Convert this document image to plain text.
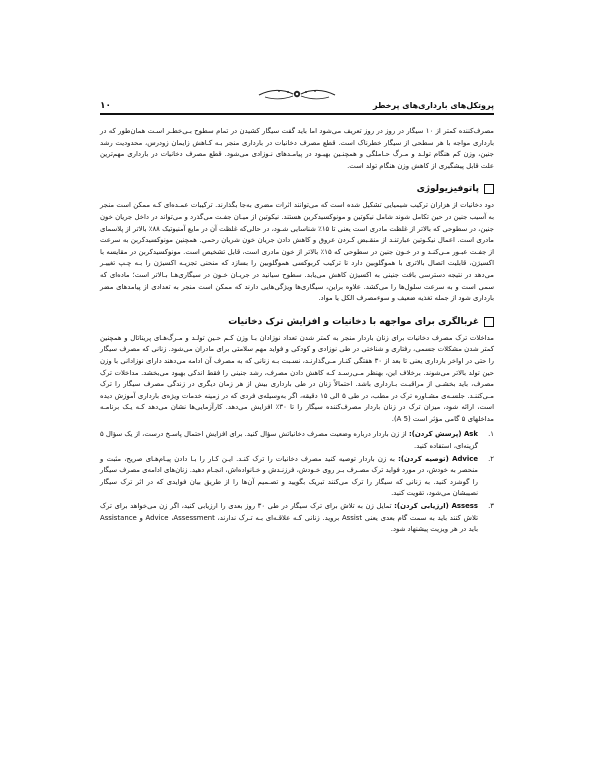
پروتکل‌های بارداری‌های پرخطر
۱۰

مصرف‌کننده کمتر از ۱۰ سیگار در روز در روز تعریف می‌شود اما باید گفت سیگار کشیدن در تمام سطوح بـی‌خطـر اسـت همان‌طور که در بارداری مواجه با هر سطحی از سیگار خطرناک است. قطع مصرف دخانیات در بارداری منجر بـه کـاهش زایمان زودرس، محدودیت رشد جنین، وزن کم هنگام تولـد و مـرگ حـاملگی و همچنـین بهبـود در پیامـدهای نـوزادی می‌شود. قطع مصرف دخانیات در بارداری مهم‌ترین علت قابل پیشگیری از کاهش وزن هنگام تولد است.

پاتوفیزیولوژی

دود دخانیات از هزاران ترکیب شیمیایی تشکیل شده است که می‌توانند اثرات مضری به‌جا بگذارند. ترکیبات عمـده‌ای کـه ممکن است منجر به آسیب جنین در حین تکامل شوند شامل نیکوتین و مونوکسیدکربن هستند. نیکوتین از میـان جفـت می‌گذرد و می‌تواند در داخل جریان خون جنین، در سطوحی که بالاتر از غلظت مادری است یعنی تا ۱۵٪ شناسایی شـود، در حالی‌که غلظت آن در مایع آمنیوتیک ۸۸٪ بالاتر از پلاسمای مادری است. اعمال نیکـوتین عبارتنـد از منقـبض کـردن عروق و کاهش دادن جریان خون شریان رحمی. همچنین مونوکسیدکربن به سرعت از جفـت عبـور مـی‌کنـد و در خـون جنین در سطوحی که ۱۵٪ بالاتر از خون مادری است، قابل تشخیص است. مونوکسیدکربن در مقایسه با اکسیژن، قابلیت اتصال بالاتری با هموگلوبین دارد تا ترکیب کربوکسی هموگلوبین را بسازد که منحنی تجزیـه اکسیژن را بـه چـپ تغییـر می‌دهد در نتیجه دسترسی بافت جنینی به اکسیژن کاهش می‌یابد. سطوح سیانید در جریـان خـون در سیگاری‌هـا بـالاتر است؛ ماده‌ای که سمی است و به سرعت سلول‌ها را می‌کشد. علاوه براین، سیگاری‌ها ویژگی‌هایی دارند که ممکن است منجر به تعدادی از پیامدهای مضر بارداری شود از جمله تغذیه ضعیف و سوءمصرف الکل یا مواد.

غربالگری برای مواجهه با دخانیات و افزایش ترک دخانیات

مداخلات ترک مصرف دخانیات برای زنان باردار منجر به کمتر شدن تعداد نوزادان بـا وزن کـم حـین تولـد و مـرگ‌هـای پریناتال و همچنین کمتر شدن مشکلات جسمی، رفتاری و شناختی در طی نوزادی و کودکی و فواید مهم سلامتی برای مادران می‌شود. زنانی که مصرف سیگار را حتی در اواخر بارداری یعنی تا بعد از ۳۰ هفتگی کنـار مـی‌گذارنـد، نسـبت بـه زنانی که به مصرف آن ادامه می‌دهند دارای نوزادانی با وزن حین تولد بالاتر می‌شوند. برخلاف این، بهنظر مـی‌رسـد کـه کاهش دادن مصرف، رشد جنینی را فقط اندکی بهبود می‌بخشد. مداخلات ترک مصرف، باید بخشـی از مراقبـت بـارداری باشد. احتمالاً زنان در طی بارداری بیش از هر زمان دیگری در زندگی مصرف سیگار را ترک مـی‌کننـد. جلسـه‌ی مشـاوره ترک در مطب، در طی ۵ الی ۱۵ دقیقه، اگر به‌وسیله‌ی فردی که در زمینه خدمات ویژه‌ی بارداری آموزش دیده است، ارائه شود، میزان ترک در زنان باردار مصرف‌کننده سیگار را تا ۳۰٪ افزایش می‌دهد. کارآزمایی‌ها نشان می‌دهد کـه یـک برنامـه مداخلهای ۵ گامی مؤثر است (A 5).

۱.
Ask (پرسش کردن): از زن باردار درباره وضعیت مصرف دخانیاتش سؤال کنید. برای افزایش احتمال پاسـخ درست، از یک سؤال ۵ گزینه‌ای، استفاده کنید.
۲.
Advice (توصیه کردن): به زن باردار توصیه کنید مصرف دخانیات را ترک کنـد. ایـن کـار را بـا دادن پیـام‌هـای صریح، مثبت و منحصر به خودش، در مورد فواید ترک مصـرف بـر روی خـودش، فرزنـدش و خـانواده‌اش، انجـام دهید. زنان‌های ادامه‌ی مصرف سیگار را گوشزد کنید. به زنانی که سیگار را ترک می‌کنند تبریک بگویید و تصـمیم آن‌ها را از طریق بیان فوایدی که در اثر ترک سیگار نصیبشان می‌شود، تقویت کنید.
۳.
Assess (ارزیابی کردن): تمایل زن به تلاش برای ترک سیگار در طی ۳۰ روز بعدی را ارزیابی کنید، اگر زن می‌خواهد برای ترک تلاش کنند باید به سمت گام بعدی یعنی Assist بروید. زنانی کـه علاقـه‌ای بـه تـرک ندارند، Advice ،Assessment و Assistance باید در هر ویزیت پیشنهاد شود.
